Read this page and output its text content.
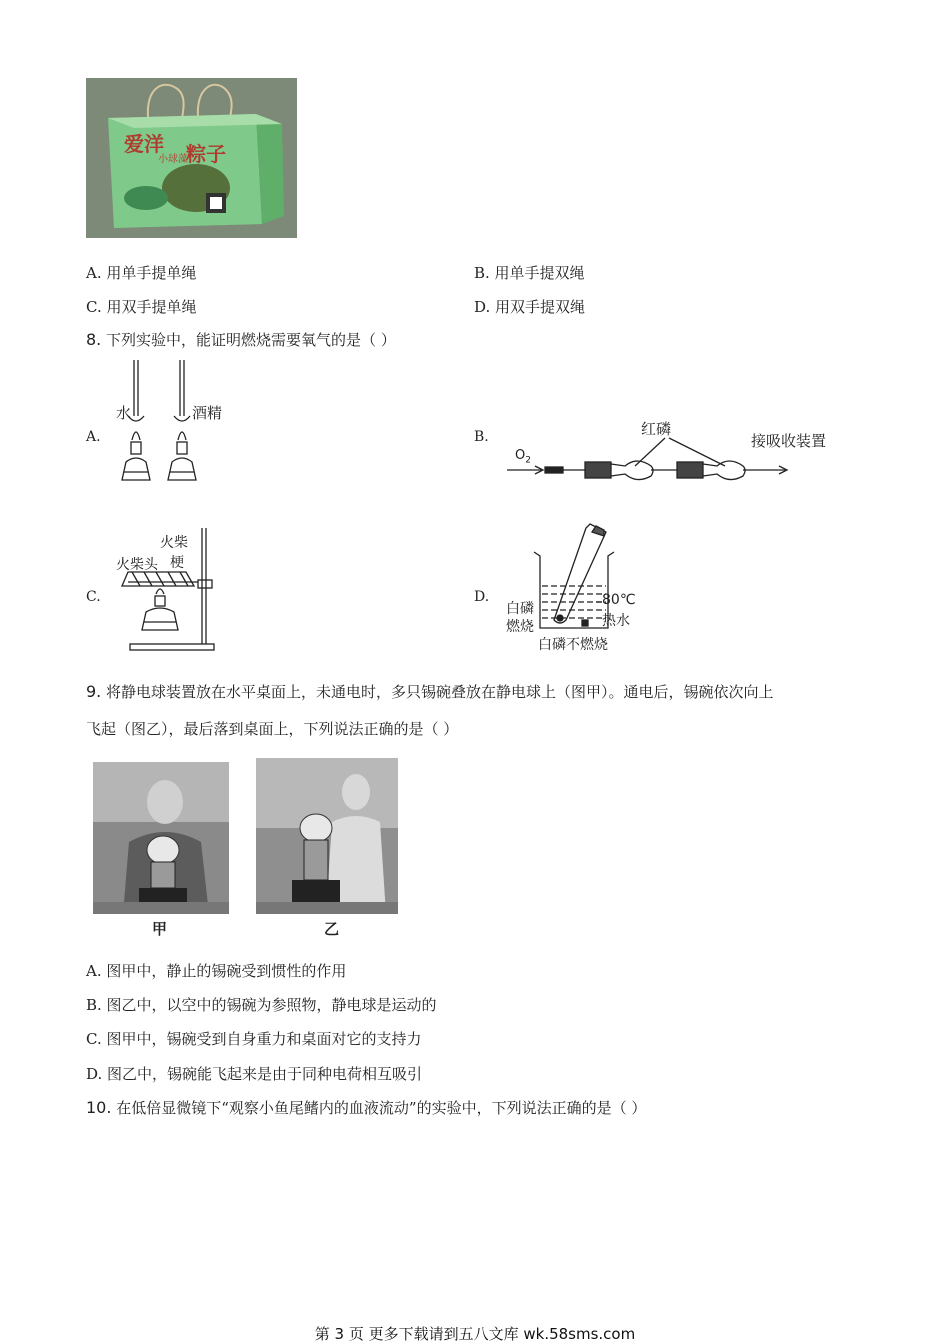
爱洋
小球藻
粽子
A. 用单手提单绳	B. 用单手提双绳
C. 用双手提单绳	D. 用双手提双绳
8. 下列实验中，能证明燃烧需要氧气的是（ ）
A.
水	酒精
B.
$O_2$
红磷
接吸收装置
C.
火柴
火柴头 梗
D.	80℃
热水
白磷
燃烧
白磷不燃烧
9. 将静电球装置放在水平桌面上，未通电时，多只锡碗叠放在静电球上（图甲）。通电后，锡碗依次向上
飞起（图乙），最后落到桌面上，下列说法正确的是（ ）
甲	乙
A. 图甲中，静止的锡碗受到惯性的作用
B. 图乙中，以空中的锡碗为参照物，静电球是运动的
C. 图甲中，锡碗受到自身重力和桌面对它的支持力
D. 图乙中，锡碗能飞起来是由于同种电荷相互吸引
10. 在低倍显微镜下“观察小鱼尾鳍内的血液流动”的实验中，下列说法正确的是（ ）
第 3 页 更多下载请到五八文库 wk.58sms.com
